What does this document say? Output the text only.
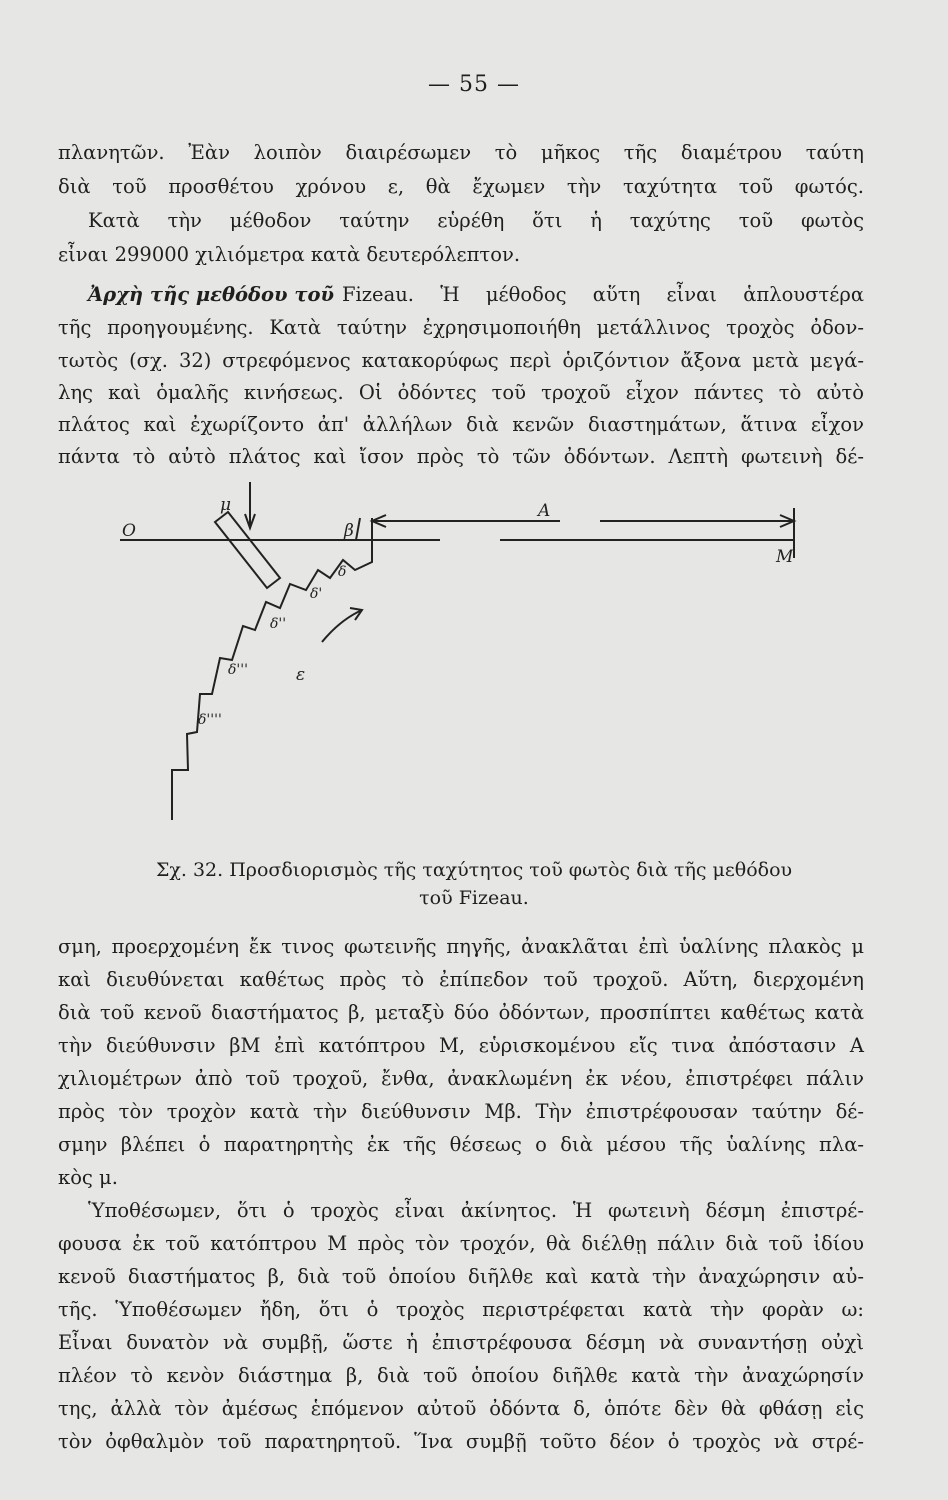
— 55 —
πλανητῶν. Ἐὰν λοιπὸν διαιρέσωμεν τὸ μῆκος τῆς διαμέτρου ταύτη
διὰ τοῦ προσθέτου χρόνου ε, θὰ ἔχωμεν τὴν ταχύτητα τοῦ φωτός.
Κατὰ τὴν μέθοδον ταύτην εὑρέθη ὅτι ἡ ταχύτης τοῦ φωτὸς
εἶναι 299000 χιλιόμετρα κατὰ δευτερόλεπτον.
Ἀρχὴ τῆς μεθόδου τοῦ Fizeau. Ἡ μέθοδος αὕτη εἶναι ἁπλουστέρα
τῆς προηγουμένης. Κατὰ ταύτην ἐχρησιμοποιήθη μετάλλινος τροχὸς ὀδον-
τωτὸς (σχ. 32) στρεφόμενος κατακορύφως περὶ ὁριζόντιον ἄξονα μετὰ μεγά-
λης καὶ ὁμαλῆς κινήσεως. Οἱ ὀδόντες τοῦ τροχοῦ εἶχον πάντες τὸ αὐτὸ
πλάτος καὶ ἐχωρίζοντο ἀπ' ἀλλήλων διὰ κενῶν διαστημάτων, ἅτινα εἶχον
πάντα τὸ αὐτὸ πλάτος καὶ ἴσον πρὸς τὸ τῶν ὀδόντων. Λεπτὴ φωτεινὴ δέ-
O
μ
β
A
M
ε
δ
δ'
δ''
δ'''
δ''''
Σχ. 32. Προσδιορισμὸς τῆς ταχύτητος τοῦ φωτὸς διὰ τῆς μεθόδου
τοῦ Fizeau.
σμη, προερχομένη ἔκ τινος φωτεινῆς πηγῆς, ἀνακλᾶται ἐπὶ ὑαλίνης πλακὸς μ
καὶ διευθύνεται καθέτως πρὸς τὸ ἐπίπεδον τοῦ τροχοῦ. Αὕτη, διερχομένη
διὰ τοῦ κενοῦ διαστήματος β, μεταξὺ δύο ὀδόντων, προσπίπτει καθέτως κατὰ
τὴν διεύθυνσιν βΜ ἐπὶ κατόπτρου Μ, εὑρισκομένου εἴς τινα ἀπόστασιν Α
χιλιομέτρων ἀπὸ τοῦ τροχοῦ, ἔνθα, ἀνακλωμένη ἐκ νέου, ἐπιστρέφει πάλιν
πρὸς τὸν τροχὸν κατὰ τὴν διεύθυνσιν Μβ. Τὴν ἐπιστρέφουσαν ταύτην δέ-
σμην βλέπει ὁ παρατηρητὴς ἐκ τῆς θέσεως ο διὰ μέσου τῆς ὑαλίνης πλα-
κὸς μ.
Ὑποθέσωμεν, ὅτι ὁ τροχὸς εἶναι ἀκίνητος. Ἡ φωτεινὴ δέσμη ἐπιστρέ-
φουσα ἐκ τοῦ κατόπτρου Μ πρὸς τὸν τροχόν, θὰ διέλθῃ πάλιν διὰ τοῦ ἰδίου
κενοῦ διαστήματος β, διὰ τοῦ ὁποίου διῆλθε καὶ κατὰ τὴν ἀναχώρησιν αὐ-
τῆς. Ὑποθέσωμεν ἤδη, ὅτι ὁ τροχὸς περιστρέφεται κατὰ τὴν φορὰν ω:
Εἶναι δυνατὸν νὰ συμβῇ, ὥστε ἡ ἐπιστρέφουσα δέσμη νὰ συναντήσῃ οὐχὶ
πλέον τὸ κενὸν διάστημα β, διὰ τοῦ ὁποίου διῆλθε κατὰ τὴν ἀναχώρησίν
της, ἀλλὰ τὸν ἀμέσως ἑπόμενον αὐτοῦ ὀδόντα δ, ὁπότε δὲν θὰ φθάσῃ εἰς
τὸν ὀφθαλμὸν τοῦ παρατηρητοῦ. Ἵνα συμβῇ τοῦτο δέον ὁ τροχὸς νὰ στρέ-
